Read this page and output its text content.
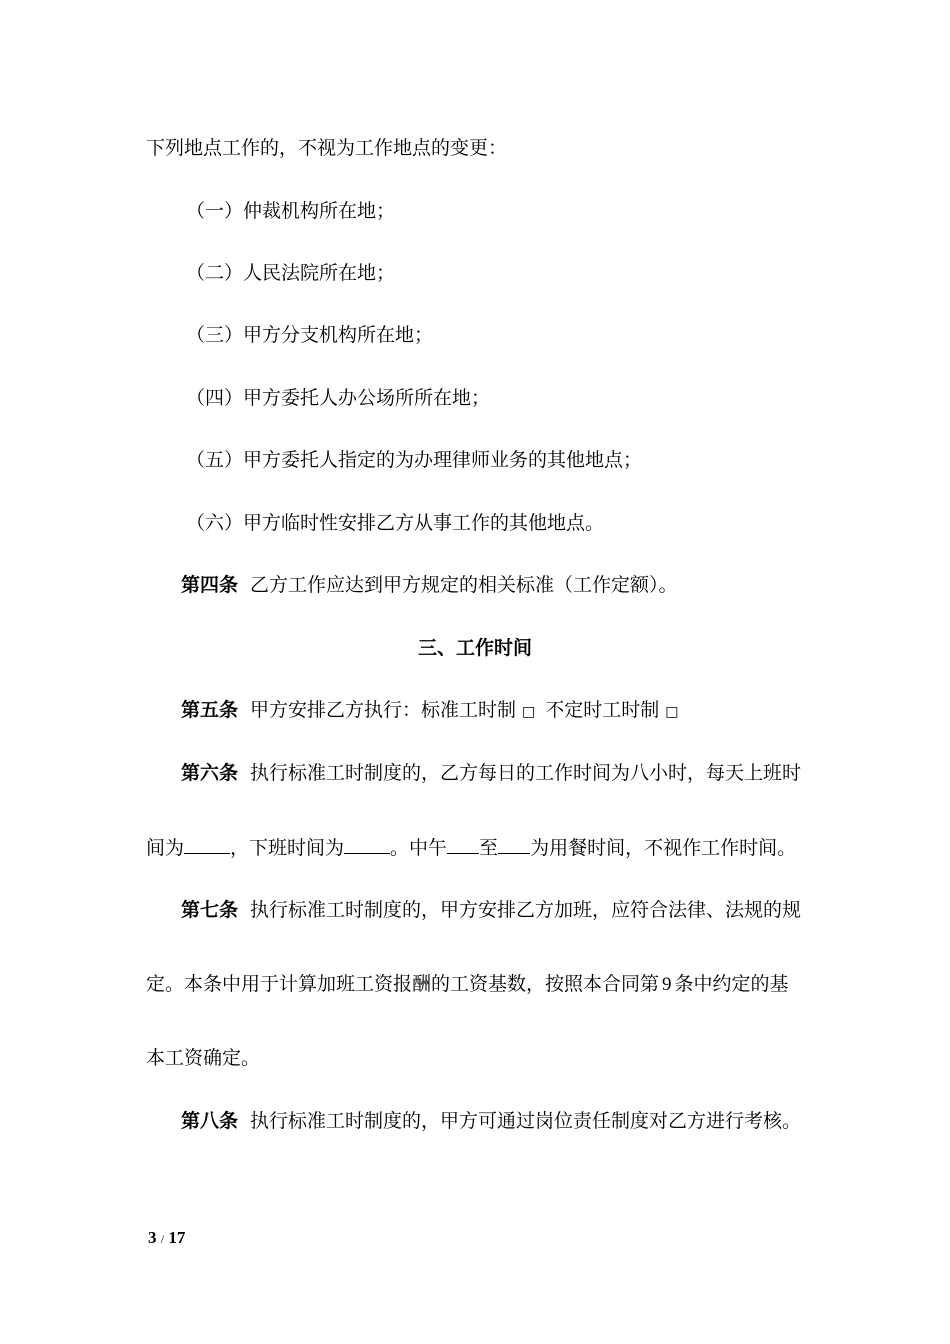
下列地点工作的，不视为工作地点的变更：
（一）仲裁机构所在地；
（二）人民法院所在地；
（三）甲方分支机构所在地；
（四）甲方委托人办公场所所在地；
（五）甲方委托人指定的为办理律师业务的其他地点；
（六）甲方临时性安排乙方从事工作的其他地点。
第四条 乙方工作应达到甲方规定的相关标准（工作定额）。
三、工作时间
第五条 甲方安排乙方执行：标准工时制 □ 不定时工时制 □
第六条 执行标准工时制度的，乙方每日的工作时间为八小时，每天上班时
间为 ，下班时间为 。中午 至 为用餐时间，不视作工作时间。
第七条 执行标准工时制度的，甲方安排乙方加班，应符合法律、法规的规
定。本条中用于计算加班工资报酬的工资基数，按照本合同第 9 条中约定的基
本工资确定。
第八条 执行标准工时制度的，甲方可通过岗位责任制度对乙方进行考核。
3 / 17
